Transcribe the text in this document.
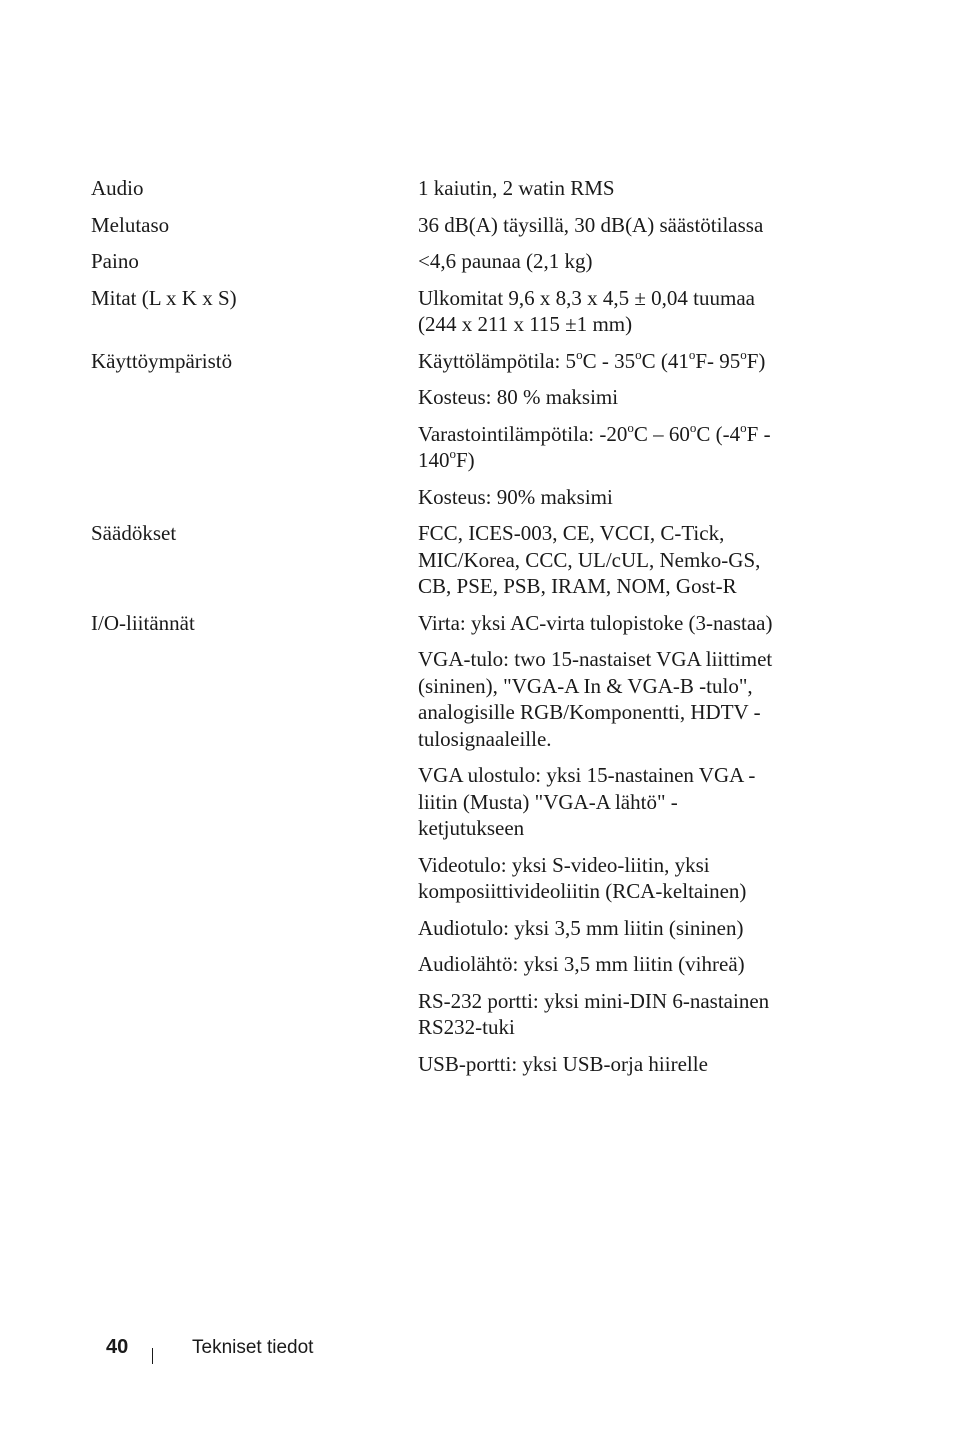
Audio	1 kaiutin, 2 watin RMS
Melutaso	36 dB(A) täysillä, 30 dB(A) säästötilassa
Paino	<4,6 paunaa (2,1 kg)
Mitat (L x K x S)	Ulkomitat 9,6 x 8,3 x 4,5 ± 0,04 tuumaa (244 x 211 x 115 ±1 mm)
Käyttöympäristö	Käyttölämpötila: 5$^o$C - 35$^o$C (41$^o$F- 95$^o$F)
Kosteus: 80 % maksimi
Varastointilämpötila: -20$^o$C – 60$^o$C (-4$^o$F - 140$^o$F)
Kosteus: 90% maksimi
Säädökset	FCC, ICES-003, CE, VCCI, C-Tick, MIC/Korea, CCC, UL/cUL, Nemko-GS, CB, PSE, PSB, IRAM, NOM, Gost-R
I/O-liitännät	Virta: yksi AC-virta tulopistoke (3-nastaa)
VGA-tulo: two 15-nastaiset VGA liittimet (sininen), "VGA-A In & VGA-B -tulo", analogisille RGB/Komponentti, HDTV -tulosignaaleille.
VGA ulostulo: yksi 15-nastainen VGA -liitin (Musta) "VGA-A lähtö" -ketjutukseen
Videotulo: yksi S-video-liitin, yksi komposiittivideoliitin (RCA-keltainen)
Audiotulo: yksi 3,5 mm liitin (sininen)
Audiolähtö: yksi 3,5 mm liitin (vihreä)
RS-232 portti: yksi mini-DIN 6-nastainen RS232-tuki
USB-portti: yksi USB-orja hiirelle
40	Tekniset tiedot
